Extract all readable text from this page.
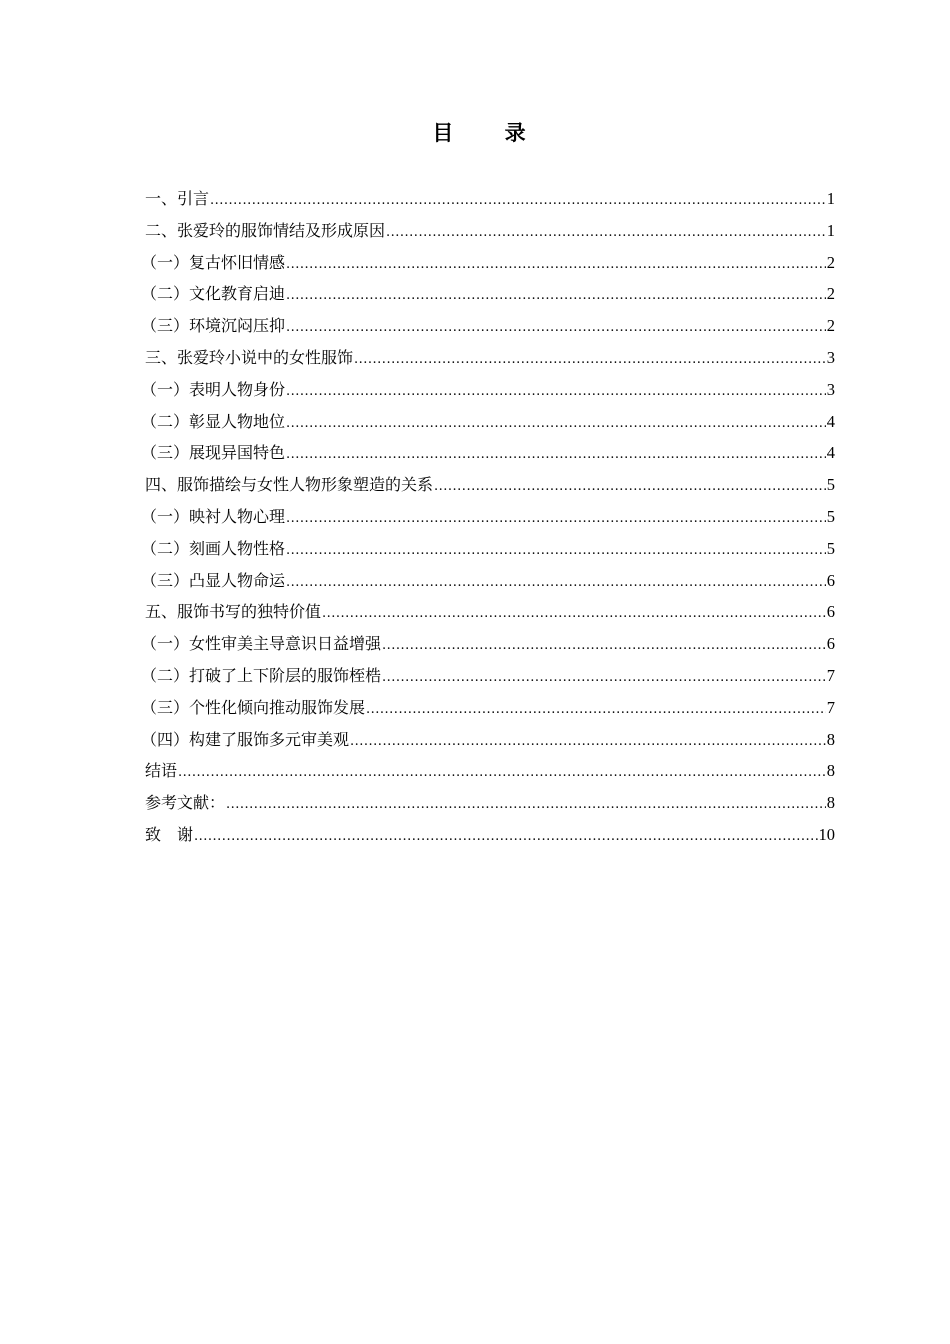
目 录
一、引言 .....	1
二、张爱玲的服饰情结及形成原因 .....	1
（一）复古怀旧情感 .....	2
（二）文化教育启迪 .....	2
（三）环境沉闷压抑 .....	2
三、张爱玲小说中的女性服饰 .....	3
（一）表明人物身份 .....	3
（二）彰显人物地位 .....	4
（三）展现异国特色 .....	4
四、服饰描绘与女性人物形象塑造的关系 .....	5
（一）映衬人物心理 .....	5
（二）刻画人物性格 .....	5
（三）凸显人物命运 .....	6
五、服饰书写的独特价值 .....	6
（一）女性审美主导意识日益增强 .....	6
（二）打破了上下阶层的服饰桎梏 .....	7
（三）个性化倾向推动服饰发展 .....	7
（四）构建了服饰多元审美观 .....	8
结语 .....	8
参考文献： .....	8
致　谢 .....	10
